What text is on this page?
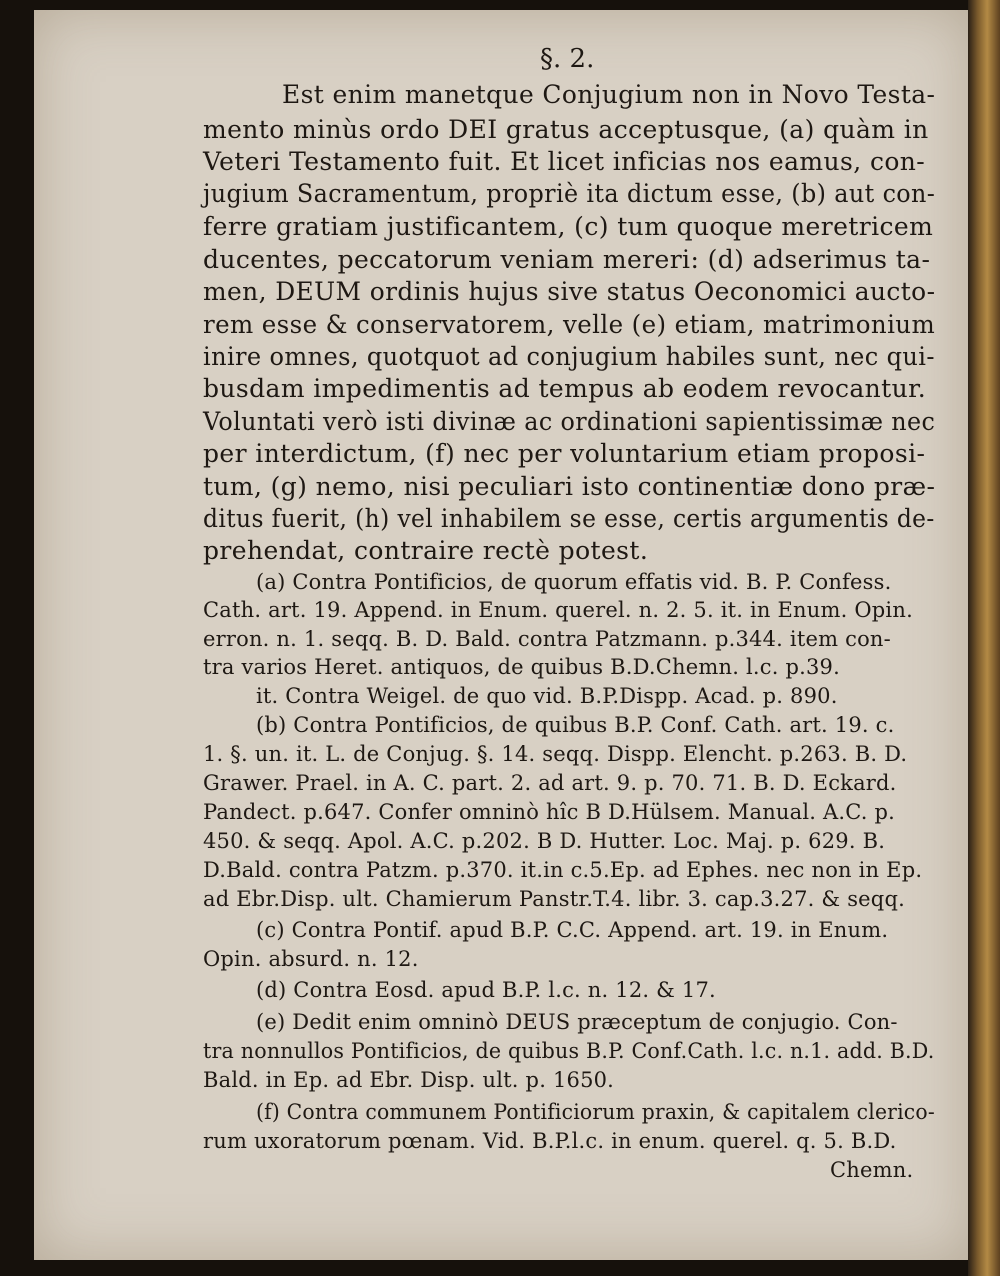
§. 2.
Est enim manetque Conjugium non in Novo Testa-
mento minùs ordo DEI gratus acceptusque, (a) quàm in
Veteri Testamento fuit. Et licet inficias nos eamus, con-
jugium Sacramentum, propriè ita dictum esse, (b) aut con-
ferre gratiam justificantem, (c) tum quoque meretricem
ducentes, peccatorum veniam mereri: (d) adserimus ta-
men, DEUM ordinis hujus sive status Oeconomici aucto-
rem esse & conservatorem, velle (e) etiam, matrimonium
inire omnes, quotquot ad conjugium habiles sunt, nec qui-
busdam impedimentis ad tempus ab eodem revocantur.
Voluntati verò isti divinæ ac ordinationi sapientissimæ nec
per interdictum, (f) nec per voluntarium etiam proposi-
tum, (g) nemo, nisi peculiari isto continentiæ dono præ-
ditus fuerit, (h) vel inhabilem se esse, certis argumentis de-
prehendat, contraire rectè potest.
(a) Contra Pontificios, de quorum effatis vid. B. P. Confess.
Cath. art. 19. Append. in Enum. querel. n. 2. 5. it. in Enum. Opin.
erron. n. 1. seqq. B. D. Bald. contra Patzmann. p.344. item con-
tra varios Heret. antiquos, de quibus B.D.Chemn. l.c. p.39.
it. Contra Weigel. de quo vid. B.P.Dispp. Acad. p. 890.
(b) Contra Pontificios, de quibus B.P. Conf. Cath. art. 19. c.
1. §. un. it. L. de Conjug. §. 14. seqq. Dispp. Elencht. p.263. B. D.
Grawer. Prael. in A. C. part. 2. ad art. 9. p. 70. 71. B. D. Eckard.
Pandect. p.647. Confer omninò hîc B D.Hülsem. Manual. A.C. p.
450. & seqq. Apol. A.C. p.202. B D. Hutter. Loc. Maj. p. 629. B.
D.Bald. contra Patzm. p.370. it.in c.5.Ep. ad Ephes. nec non in Ep.
ad Ebr.Disp. ult. Chamierum Panstr.T.4. libr. 3. cap.3.27. & seqq.
(c) Contra Pontif. apud B.P. C.C. Append. art. 19. in Enum.
Opin. absurd. n. 12.
(d) Contra Eosd. apud B.P. l.c. n. 12. & 17.
(e) Dedit enim omninò DEUS præceptum de conjugio. Con-
tra nonnullos Pontificios, de quibus B.P. Conf.Cath. l.c. n.1. add. B.D.
Bald. in Ep. ad Ebr. Disp. ult. p. 1650.
(f) Contra communem Pontificiorum praxin, & capitalem clerico-
rum uxoratorum pœnam. Vid. B.P.l.c. in enum. querel. q. 5. B.D.
Chemn.
